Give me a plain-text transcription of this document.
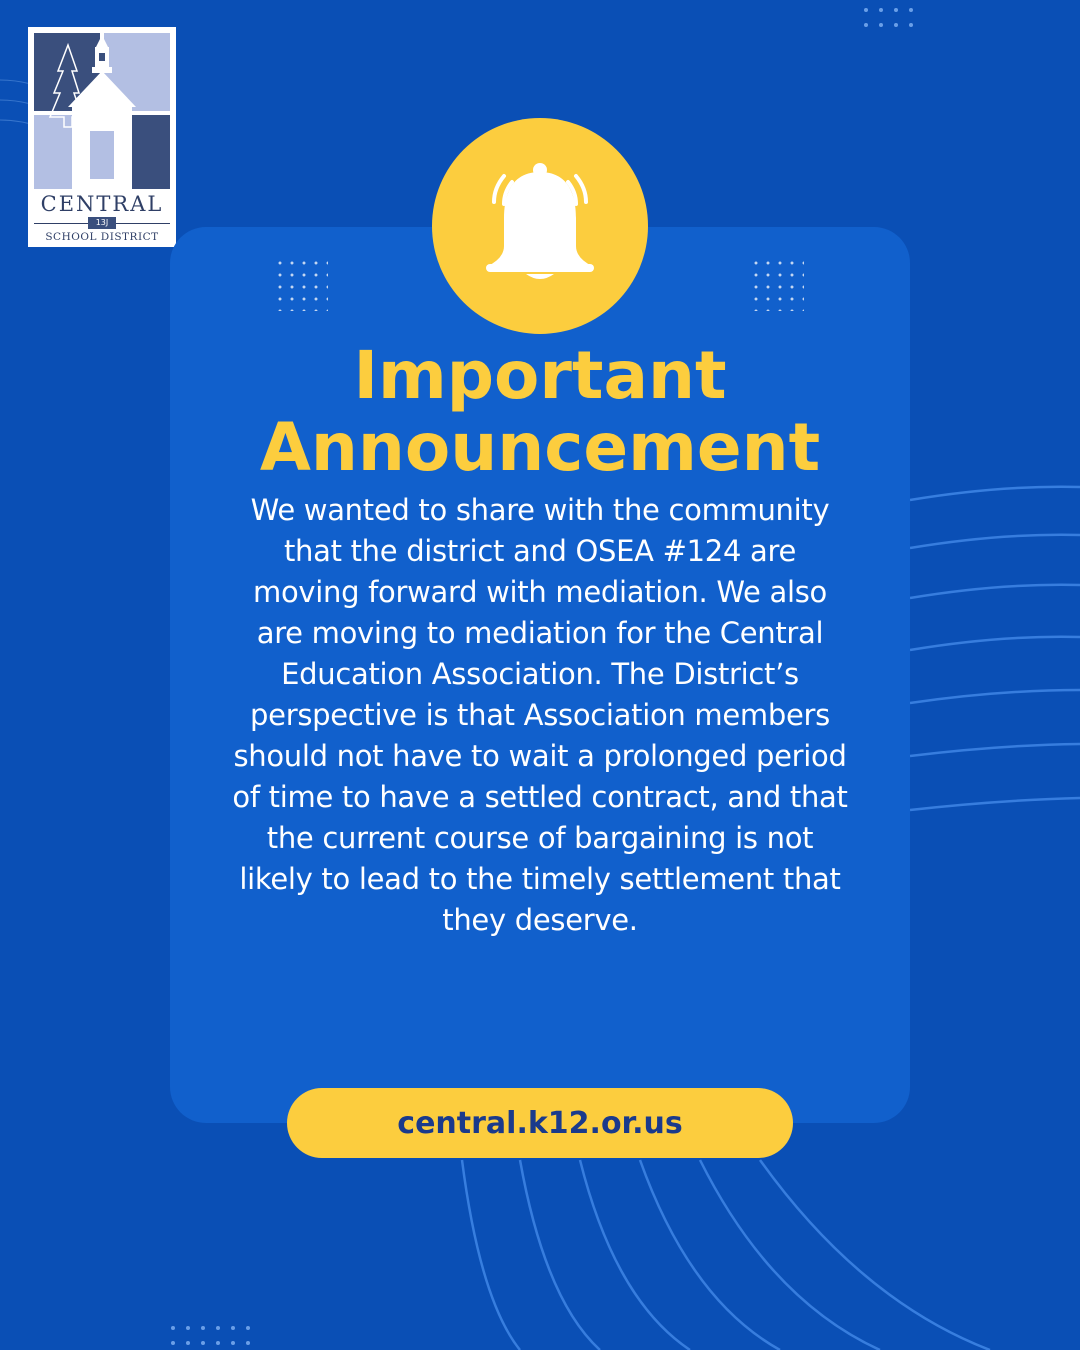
CENTRAL
13J
SCHOOL DISTRICT
Important
Announcement

We wanted to share with the community that the district and OSEA #124 are moving forward with mediation. We also are moving to mediation for the Central Education Association. The District’s perspective is that Association members should not have to wait a prolonged period of time to have a settled contract, and that the current course of bargaining is not likely to lead to the timely settlement that they deserve.

central.k12.or.us
